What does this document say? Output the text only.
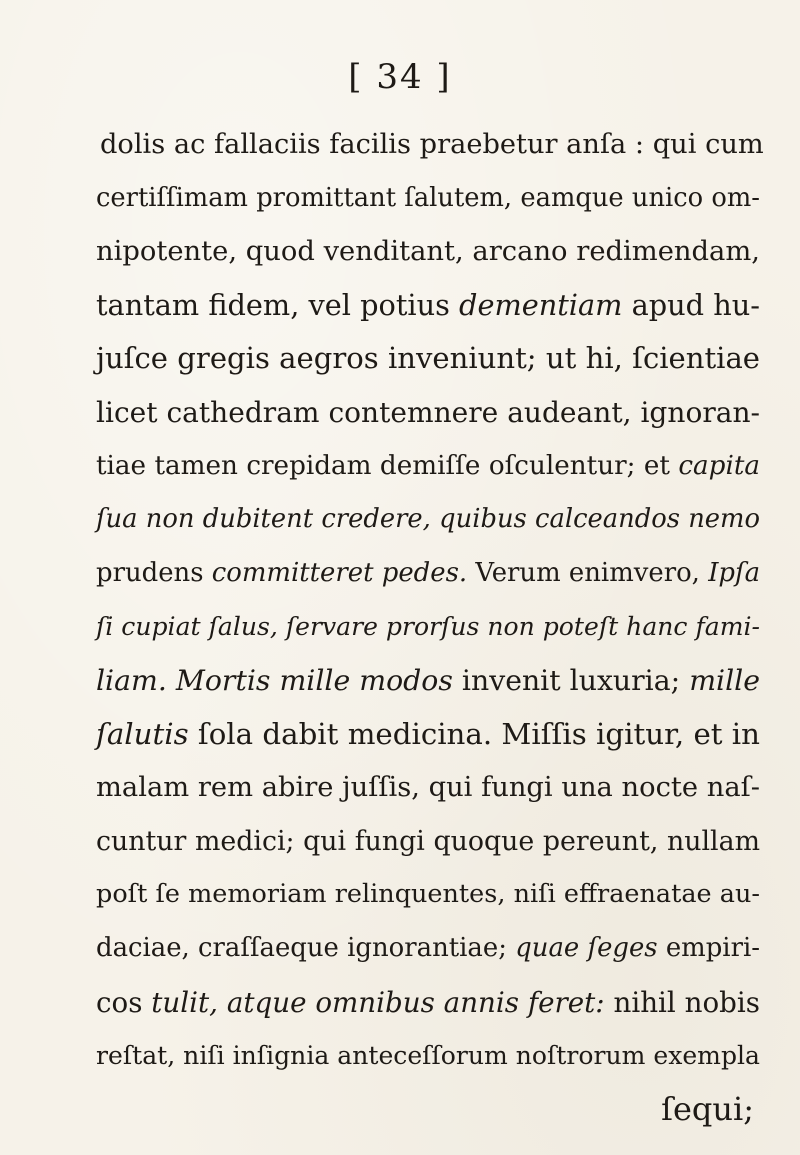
[ 34 ]
dolis ac fallaciis facilis praebetur anſa : qui cum
certiſſimam promittant ſalutem, eamque unico om-
nipotente, quod venditant, arcano redimendam,
tantam fidem, vel potius dementiam apud hu-
juſce gregis aegros inveniunt; ut hi, ſcientiae
licet cathedram contemnere audeant, ignoran-
tiae tamen crepidam demiſſe oſculentur; et capita
ſua non dubitent credere, quibus calceandos nemo
prudens committeret pedes. Verum enimvero, Ipſa
ſi cupiat ſalus, ſervare prorſus non poteſt hanc fami-
liam. Mortis mille modos invenit luxuria; mille
ſalutis ſola dabit medicina. Miſſis igitur, et in
malam rem abire juſſis, qui fungi una nocte naſ-
cuntur medici; qui fungi quoque pereunt, nullam
poſt ſe memoriam relinquentes, niſi effraenatae au-
daciae, craſſaeque ignorantiae; quae ſeges empiri-
cos tulit, atque omnibus annis feret: nihil nobis
reſtat, niſi inſignia anteceſſorum noſtrorum exempla
ſequi;
